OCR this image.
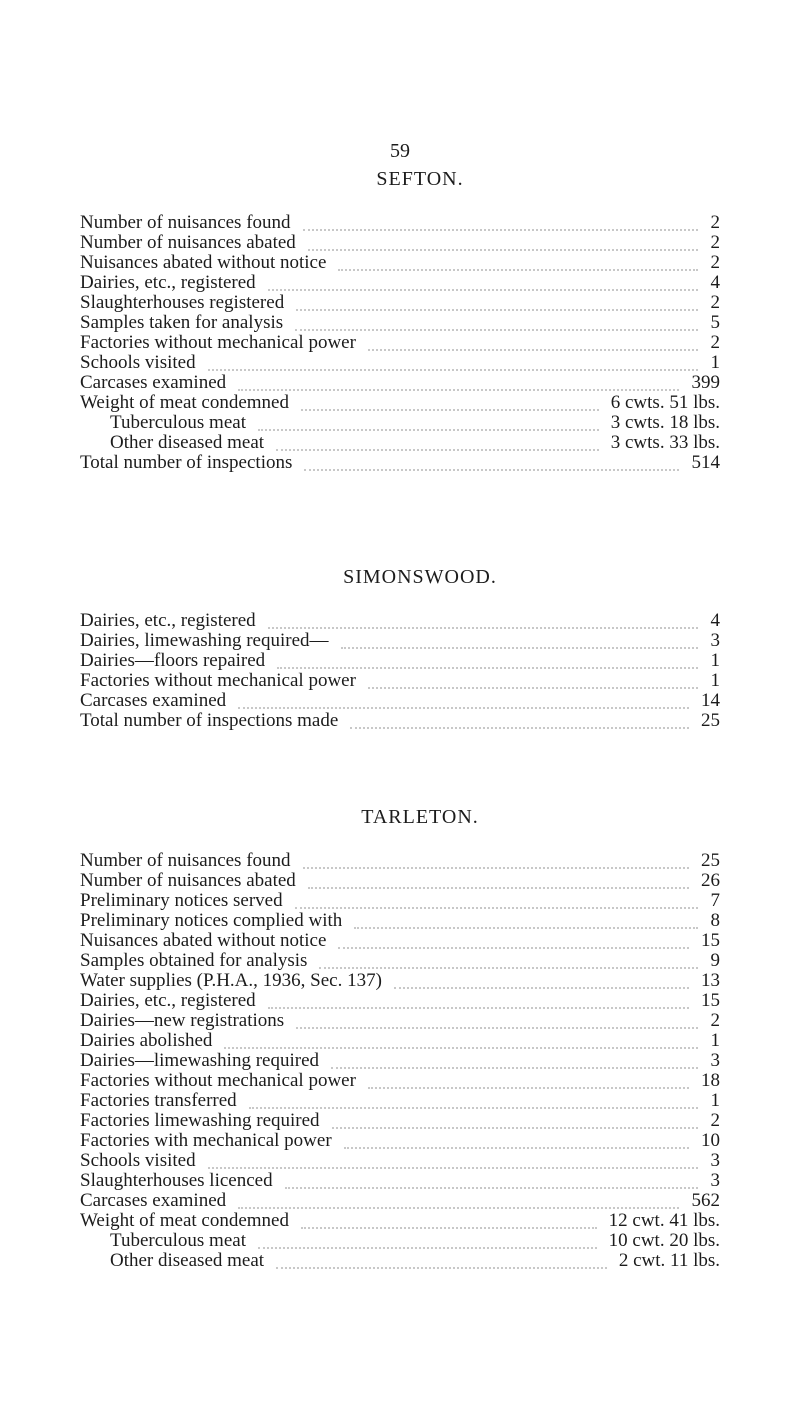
59
SEFTON.
Number of nuisances found	2
Number of nuisances abated	2
Nuisances abated without notice	2
Dairies, etc., registered	4
Slaughterhouses registered	2
Samples taken for analysis	5
Factories without mechanical power	2
Schools visited	1
Carcases examined	399
Weight of meat condemned	6 cwts. 51 lbs.
Tuberculous meat	3 cwts. 18 lbs.
Other diseased meat	3 cwts. 33 lbs.
Total number of inspections	514
SIMONSWOOD.
Dairies, etc., registered	4
Dairies, limewashing required—	3
Dairies—floors repaired	1
Factories without mechanical power	1
Carcases examined	14
Total number of inspections made	25
TARLETON.
Number of nuisances found	25
Number of nuisances abated	26
Preliminary notices served	7
Preliminary notices complied with	8
Nuisances abated without notice	15
Samples obtained for analysis	9
Water supplies (P.H.A., 1936, Sec. 137)	13
Dairies, etc., registered	15
Dairies—new registrations	2
Dairies abolished	1
Dairies—limewashing required	3
Factories without mechanical power	18
Factories transferred	1
Factories limewashing required	2
Factories with mechanical power	10
Schools visited	3
Slaughterhouses licenced	3
Carcases examined	562
Weight of meat condemned	12 cwt. 41 lbs.
Tuberculous meat	10 cwt. 20 lbs.
Other diseased meat	2 cwt. 11 lbs.
